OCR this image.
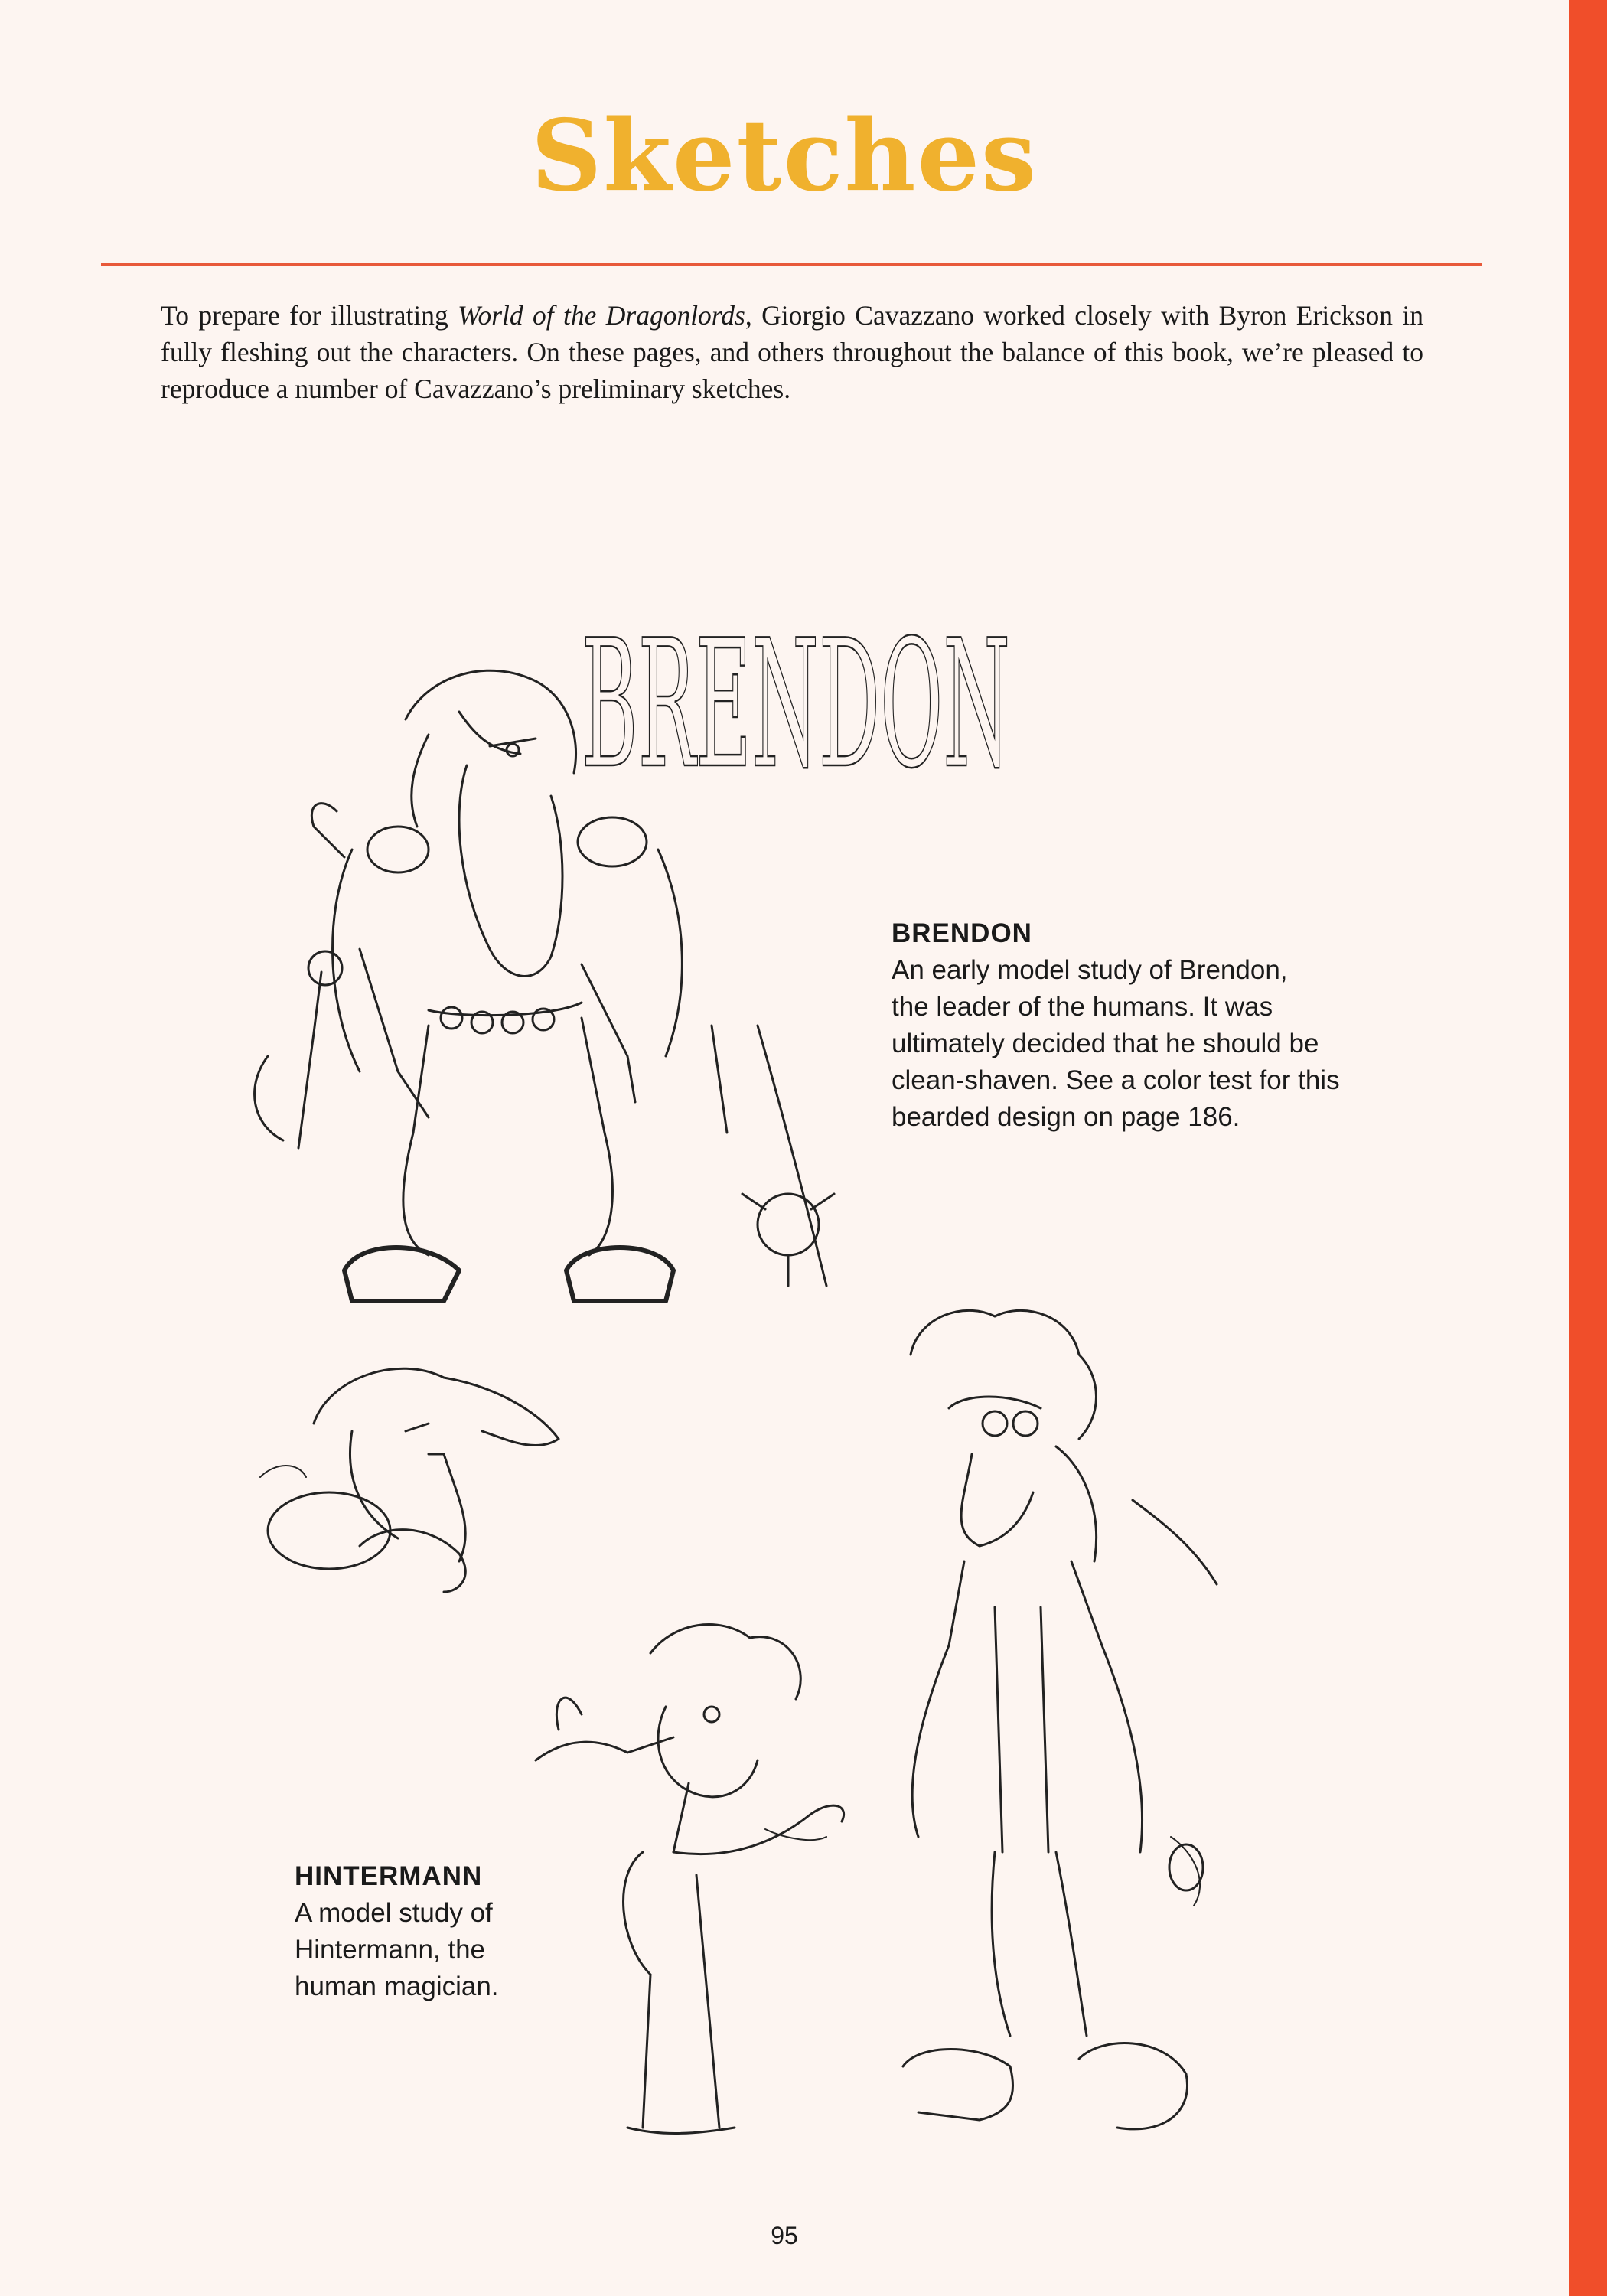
Sketches

To prepare for illustrating World of the Dragonlords, Giorgio Cavazzano worked closely with Byron Erickson in fully fleshing out the characters. On these pages, and others throughout the balance of this book, we’re pleased to reproduce a number of Cavazzano’s preliminary sketches.

BRENDON
BRENDON
An early model study of Brendon,
the leader of the humans. It was
ultimately decided that he should be
clean-shaven. See a color test for this
bearded design on page 186.
HINTERMANN
A model study of
Hintermann, the
human magician.
95
